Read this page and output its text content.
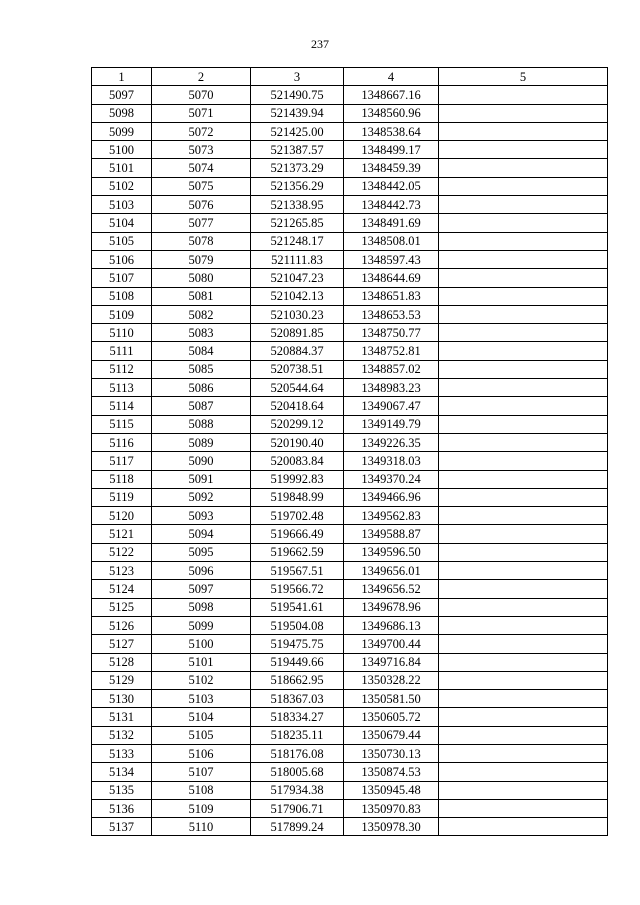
237
1	2	3	4	5
5097	5070	521490.75	1348667.16	
5098	5071	521439.94	1348560.96	
5099	5072	521425.00	1348538.64	
5100	5073	521387.57	1348499.17	
5101	5074	521373.29	1348459.39	
5102	5075	521356.29	1348442.05	
5103	5076	521338.95	1348442.73	
5104	5077	521265.85	1348491.69	
5105	5078	521248.17	1348508.01	
5106	5079	521111.83	1348597.43	
5107	5080	521047.23	1348644.69	
5108	5081	521042.13	1348651.83	
5109	5082	521030.23	1348653.53	
5110	5083	520891.85	1348750.77	
5111	5084	520884.37	1348752.81	
5112	5085	520738.51	1348857.02	
5113	5086	520544.64	1348983.23	
5114	5087	520418.64	1349067.47	
5115	5088	520299.12	1349149.79	
5116	5089	520190.40	1349226.35	
5117	5090	520083.84	1349318.03	
5118	5091	519992.83	1349370.24	
5119	5092	519848.99	1349466.96	
5120	5093	519702.48	1349562.83	
5121	5094	519666.49	1349588.87	
5122	5095	519662.59	1349596.50	
5123	5096	519567.51	1349656.01	
5124	5097	519566.72	1349656.52	
5125	5098	519541.61	1349678.96	
5126	5099	519504.08	1349686.13	
5127	5100	519475.75	1349700.44	
5128	5101	519449.66	1349716.84	
5129	5102	518662.95	1350328.22	
5130	5103	518367.03	1350581.50	
5131	5104	518334.27	1350605.72	
5132	5105	518235.11	1350679.44	
5133	5106	518176.08	1350730.13	
5134	5107	518005.68	1350874.53	
5135	5108	517934.38	1350945.48	
5136	5109	517906.71	1350970.83	
5137	5110	517899.24	1350978.30	
